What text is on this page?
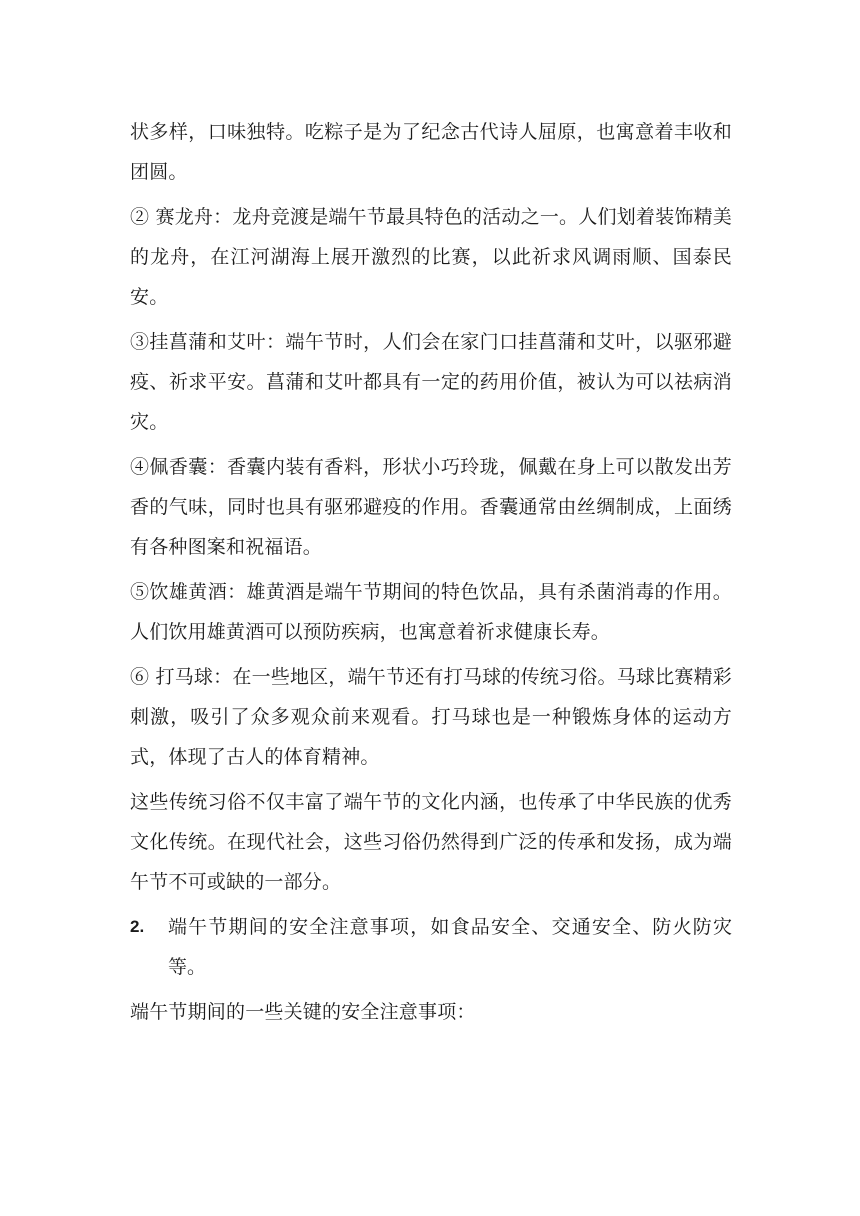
状多样，口味独特。吃粽子是为了纪念古代诗人屈原，也寓意着丰收和团圆。

② 赛龙舟：龙舟竞渡是端午节最具特色的活动之一。人们划着装饰精美的龙舟，在江河湖海上展开激烈的比赛，以此祈求风调雨顺、国泰民安。

③挂菖蒲和艾叶：端午节时，人们会在家门口挂菖蒲和艾叶，以驱邪避疫、祈求平安。菖蒲和艾叶都具有一定的药用价值，被认为可以祛病消灾。

④佩香囊：香囊内装有香料，形状小巧玲珑，佩戴在身上可以散发出芳香的气味，同时也具有驱邪避疫的作用。香囊通常由丝绸制成，上面绣有各种图案和祝福语。

⑤饮雄黄酒：雄黄酒是端午节期间的特色饮品，具有杀菌消毒的作用。人们饮用雄黄酒可以预防疾病，也寓意着祈求健康长寿。

⑥ 打马球：在一些地区，端午节还有打马球的传统习俗。马球比赛精彩刺激，吸引了众多观众前来观看。打马球也是一种锻炼身体的运动方式，体现了古人的体育精神。

这些传统习俗不仅丰富了端午节的文化内涵，也传承了中华民族的优秀文化传统。在现代社会，这些习俗仍然得到广泛的传承和发扬，成为端午节不可或缺的一部分。

2.	端午节期间的安全注意事项，如食品安全、交通安全、防火防灾等。

端午节期间的一些关键的安全注意事项：
